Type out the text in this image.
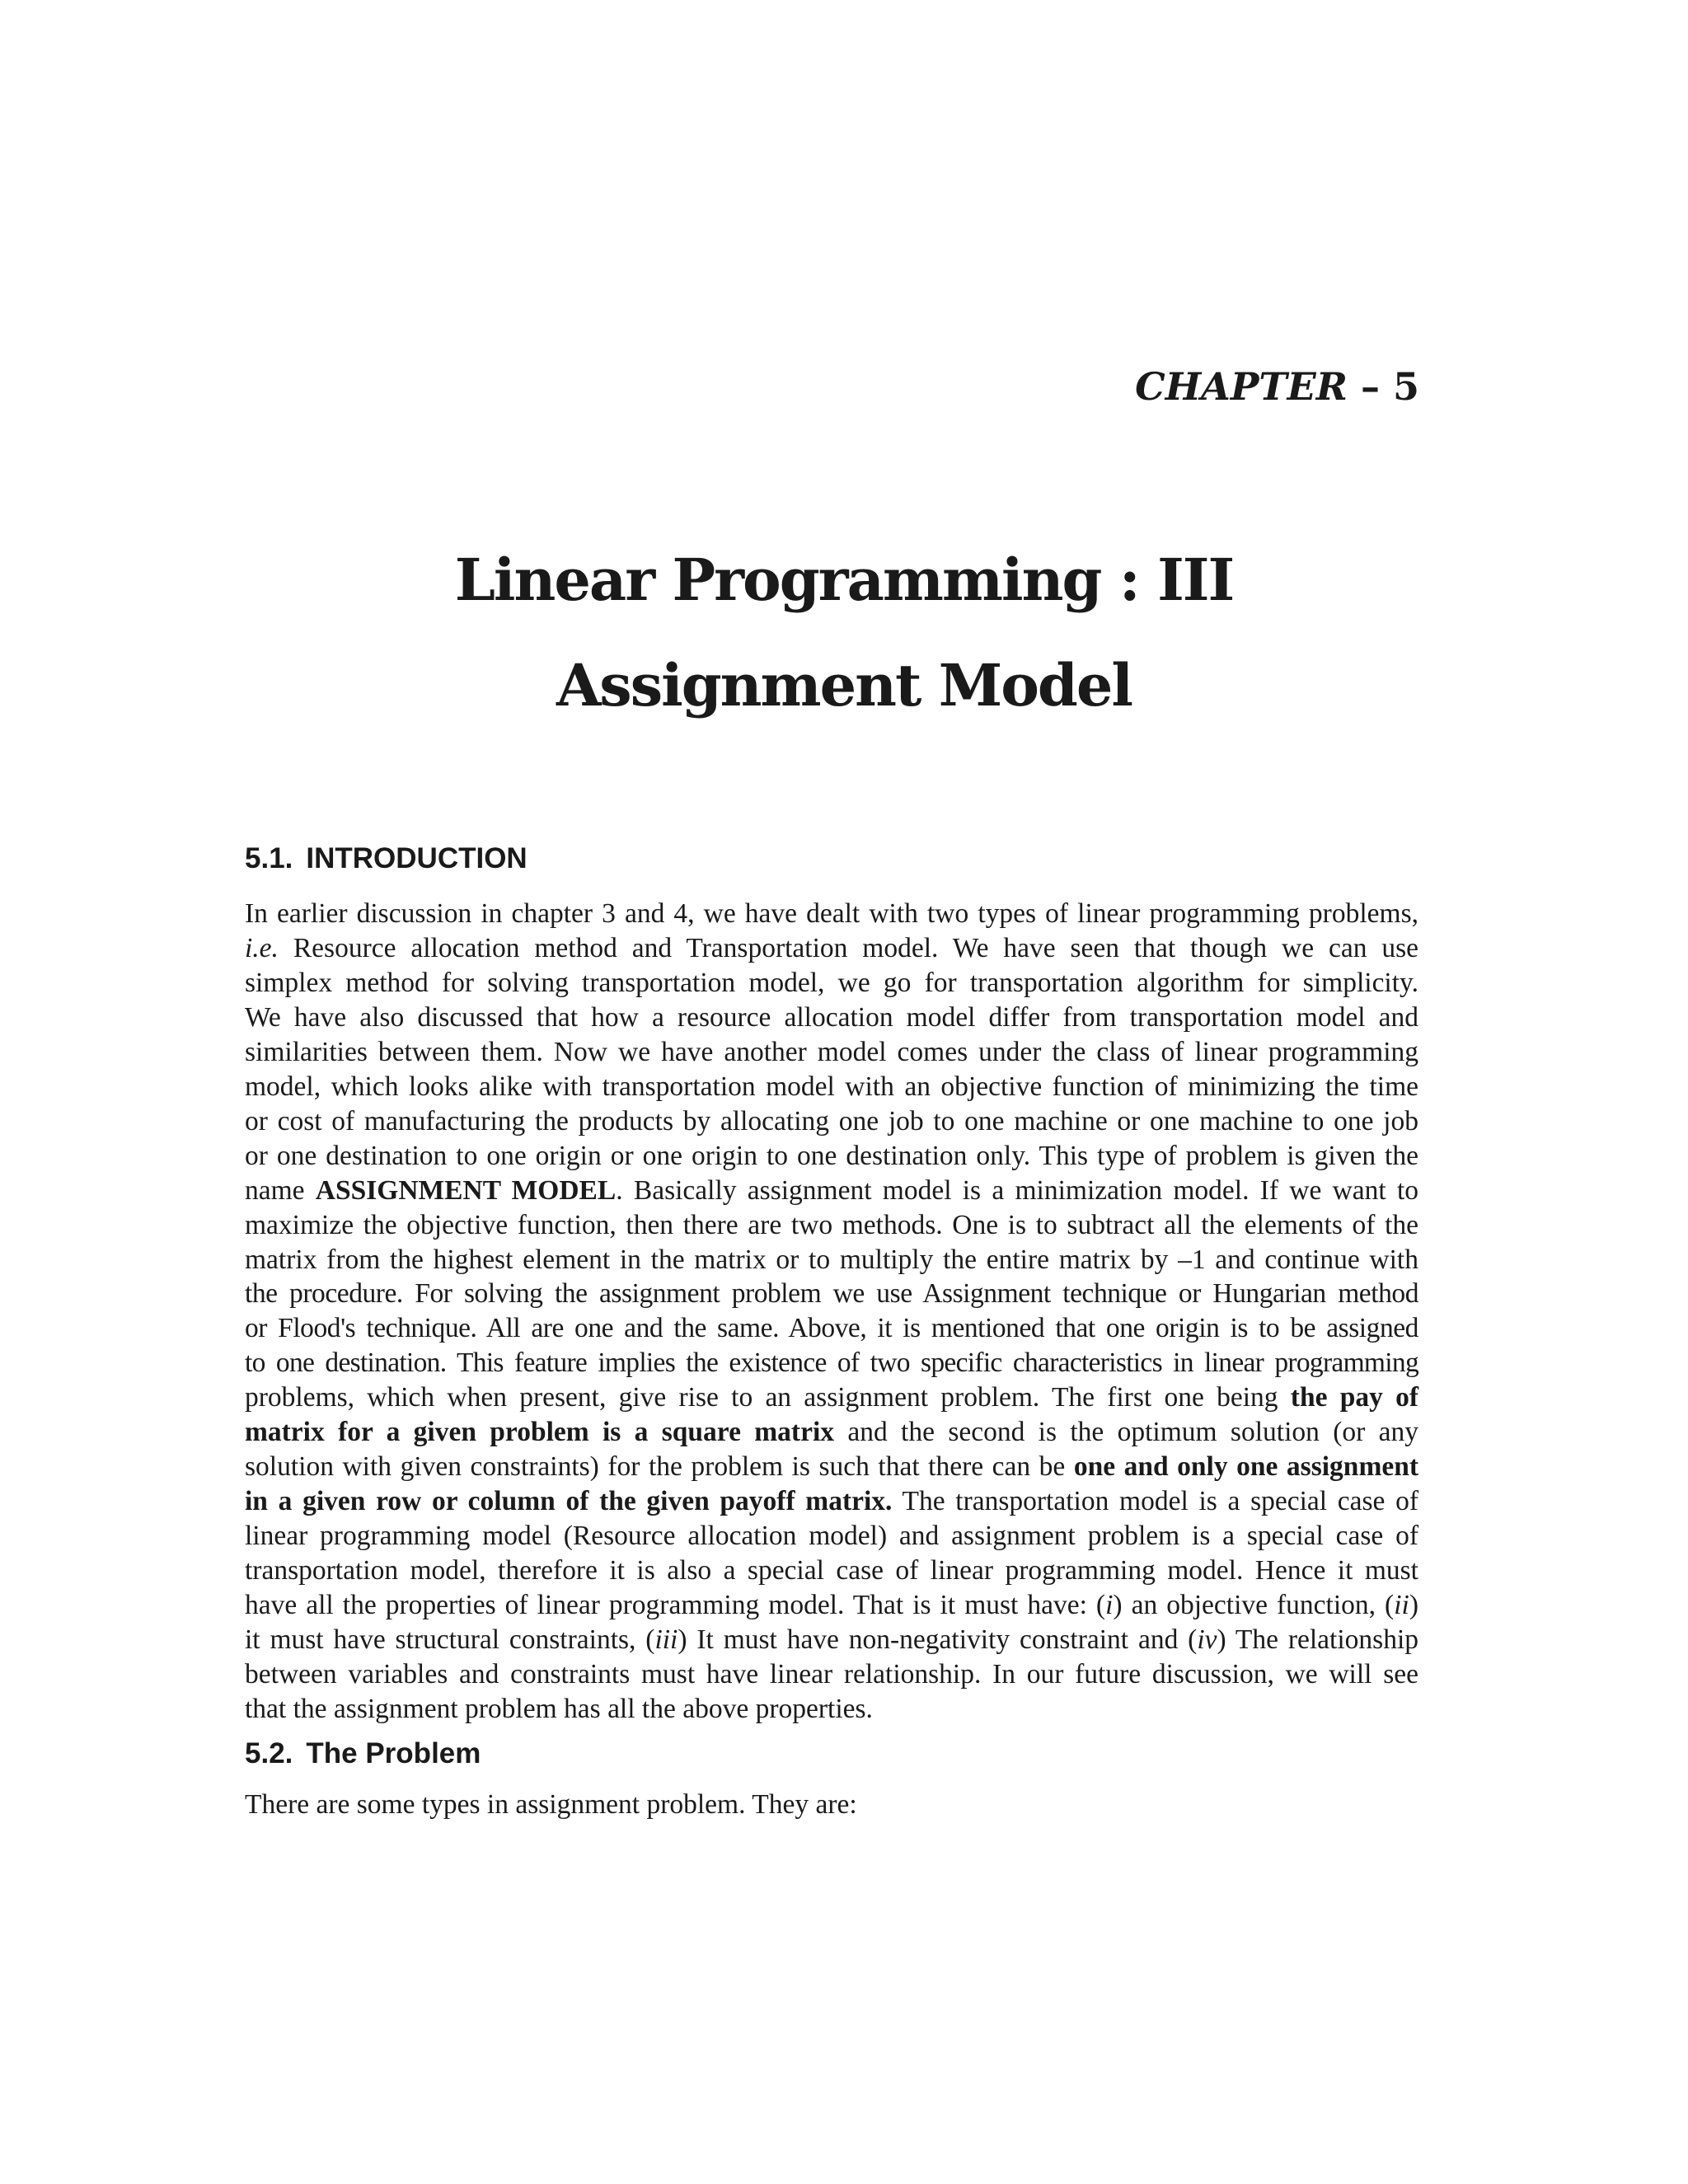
CHAPTER – 5
Linear Programming : III
Assignment Model
5.1. INTRODUCTION
In earlier discussion in chapter 3 and 4, we have dealt with two types of linear programming problems,
i.e. Resource allocation method and Transportation model. We have seen that though we can use
simplex method for solving transportation model, we go for transportation algorithm for simplicity.
We have also discussed that how a resource allocation model differ from transportation model and
similarities between them. Now we have another model comes under the class of linear programming
model, which looks alike with transportation model with an objective function of minimizing the time
or cost of manufacturing the products by allocating one job to one machine or one machine to one job
or one destination to one origin or one origin to one destination only. This type of problem is given the
name ASSIGNMENT MODEL. Basically assignment model is a minimization model. If we want to
maximize the objective function, then there are two methods. One is to subtract all the elements of the
matrix from the highest element in the matrix or to multiply the entire matrix by –1 and continue with
the procedure. For solving the assignment problem we use Assignment technique or Hungarian method
or Flood's technique. All are one and the same. Above, it is mentioned that one origin is to be assigned
to one destination. This feature implies the existence of two specific characteristics in linear programming
problems, which when present, give rise to an assignment problem. The first one being the pay of
matrix for a given problem is a square matrix and the second is the optimum solution (or any
solution with given constraints) for the problem is such that there can be one and only one assignment
in a given row or column of the given payoff matrix. The transportation model is a special case of
linear programming model (Resource allocation model) and assignment problem is a special case of
transportation model, therefore it is also a special case of linear programming model. Hence it must
have all the properties of linear programming model. That is it must have: (i) an objective function, (ii)
it must have structural constraints, (iii) It must have non-negativity constraint and (iv) The relationship
between variables and constraints must have linear relationship. In our future discussion, we will see
that the assignment problem has all the above properties.
5.2. The Problem
There are some types in assignment problem. They are:
